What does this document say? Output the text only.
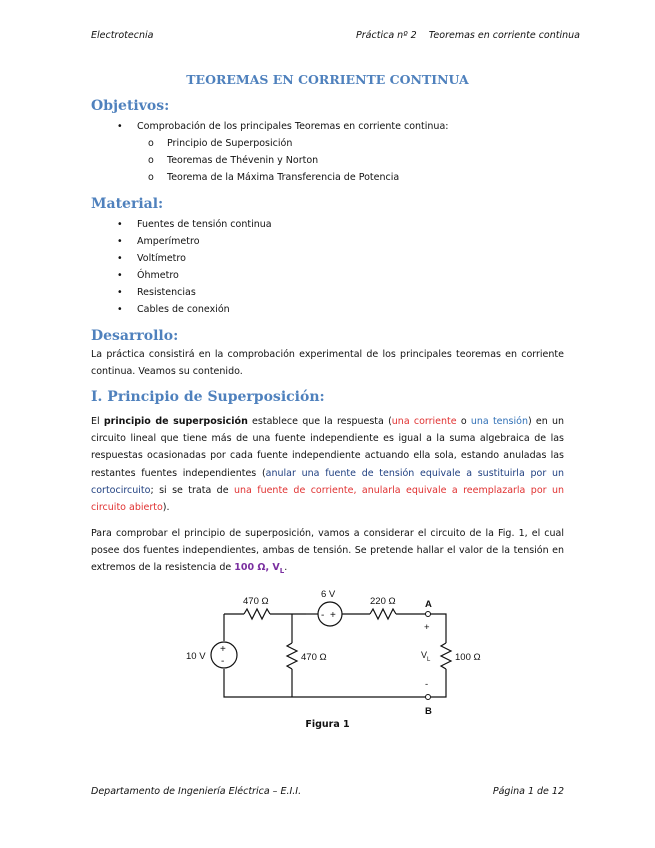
Electrotecnia	Práctica nº 2    Teoremas en corriente continua
TEOREMAS EN CORRIENTE CONTINUA
Objetivos:
• Comprobación de los principales Teoremas en corriente continua:
o Principio de Superposición
o Teoremas de Thévenin y Norton
o Teorema de la Máxima Transferencia de Potencia
Material:
• Fuentes de tensión continua
• Amperímetro
• Voltímetro
• Óhmetro
• Resistencias
• Cables de conexión
Desarrollo:
La práctica consistirá en la comprobación experimental de los principales teoremas en corriente continua. Veamos su contenido.
I. Principio de Superposición:
El principio de superposición establece que la respuesta (una corriente o una tensión) en un circuito lineal que tiene más de una fuente independiente es igual a la suma algebraica de las respuestas ocasionadas por cada fuente independiente actuando ella sola, estando anuladas las restantes fuentes independientes (anular una fuente de tensión equivale a sustituirla por un cortocircuito; si se trata de una fuente de corriente, anularla equivale a reemplazarla por un circuito abierto).
Para comprobar el principio de superposición, vamos a considerar el circuito de la Fig. 1, el cual posee dos fuentes independientes, ambas de tensión. Se pretende hallar el valor de la tensión en extremos de la resistencia de 100 Ω, $V_L$.
470 Ω
6 V
+
-
220 Ω
10 V
+
-	470 Ω
A
+
$V_L$
-
100 Ω
B
Figura 1
Departamento de Ingeniería Eléctrica – E.I.I.	Página 1 de 12
